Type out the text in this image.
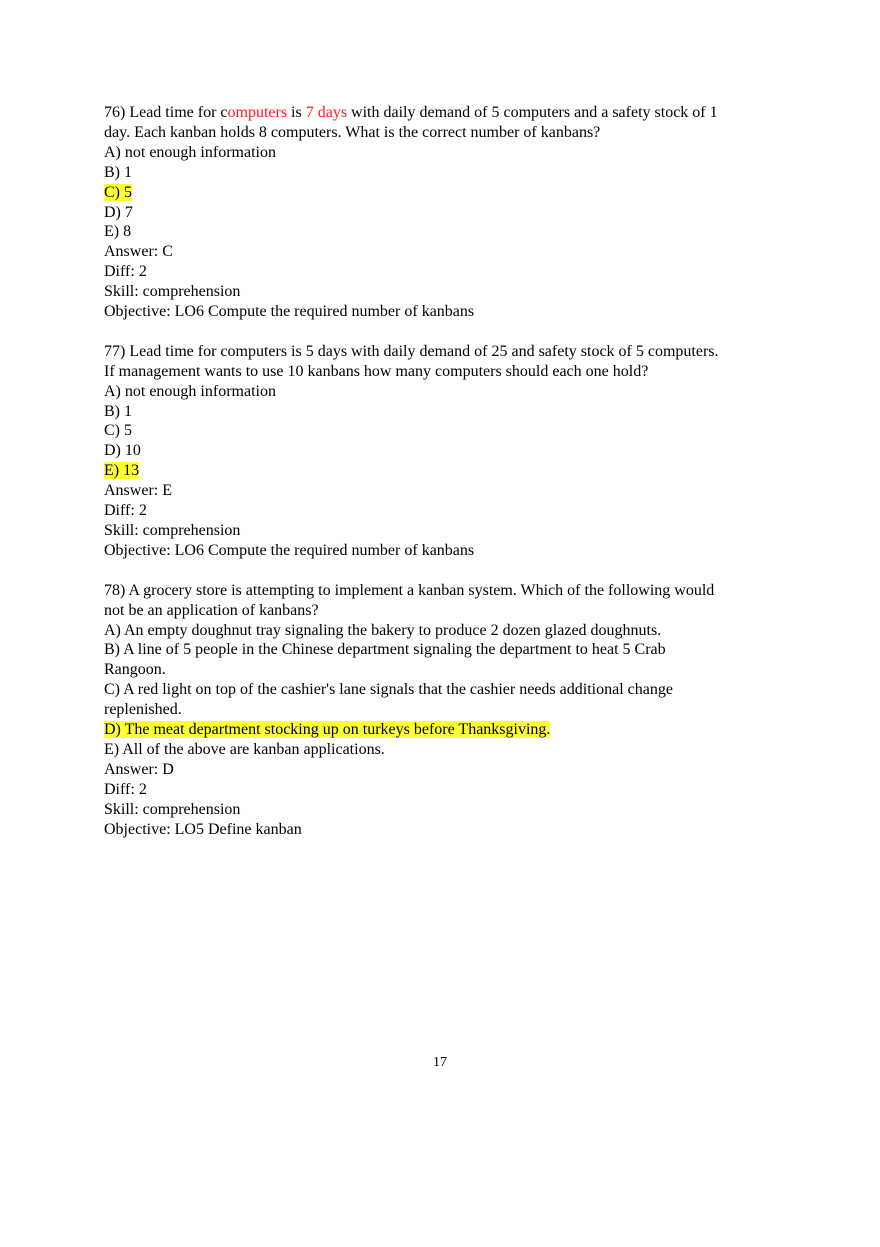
76) Lead time for computers is 7 days with daily demand of 5 computers and a safety stock of 1
day. Each kanban holds 8 computers. What is the correct number of kanbans?
A) not enough information
B) 1
C) 5
D) 7
E) 8
Answer: C
Diff: 2
Skill: comprehension
Objective: LO6 Compute the required number of kanbans
77) Lead time for computers is 5 days with daily demand of 25 and safety stock of 5 computers.
If management wants to use 10 kanbans how many computers should each one hold?
A) not enough information
B) 1
C) 5
D) 10
E) 13
Answer: E
Diff: 2
Skill: comprehension
Objective: LO6 Compute the required number of kanbans
78) A grocery store is attempting to implement a kanban system. Which of the following would
not be an application of kanbans?
A) An empty doughnut tray signaling the bakery to produce 2 dozen glazed doughnuts.
B) A line of 5 people in the Chinese department signaling the department to heat 5 Crab
Rangoon.
C) A red light on top of the cashier's lane signals that the cashier needs additional change
replenished.
D) The meat department stocking up on turkeys before Thanksgiving.
E) All of the above are kanban applications.
Answer: D
Diff: 2
Skill: comprehension
Objective: LO5 Define kanban
17
